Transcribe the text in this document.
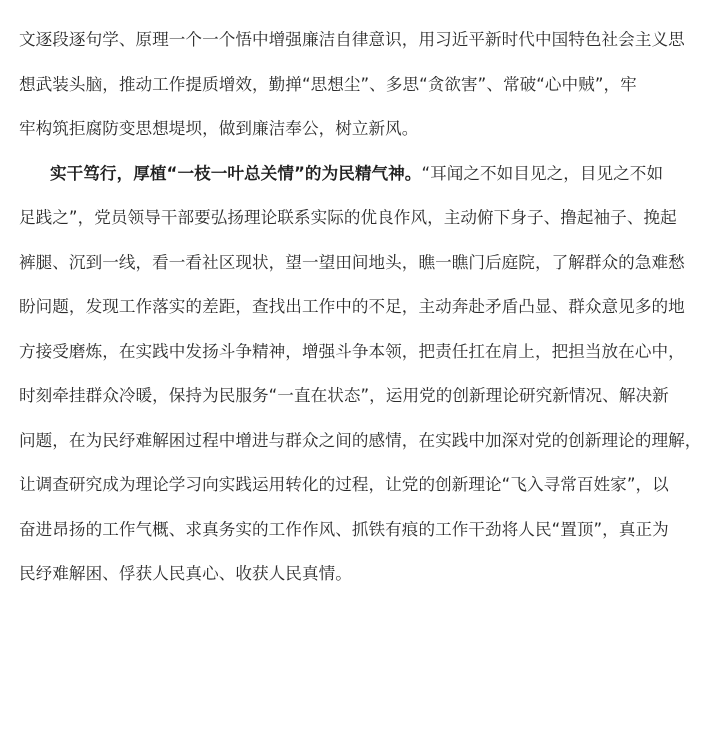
文逐段逐句学、原理一个一个悟中增强廉洁自律意识，用习近平新时代中国特色社会主义思
想武装头脑，推动工作提质增效，勤掸“思想尘”、多思“贪欲害”、常破“心中贼”，牢
牢构筑拒腐防变思想堤坝，做到廉洁奉公，树立新风。
实干笃行，厚植“一枝一叶总关情”的为民精气神。“耳闻之不如目见之，目见之不如
足践之”，党员领导干部要弘扬理论联系实际的优良作风，主动俯下身子、撸起袖子、挽起
裤腿、沉到一线，看一看社区现状，望一望田间地头，瞧一瞧门后庭院，了解群众的急难愁
盼问题，发现工作落实的差距，查找出工作中的不足，主动奔赴矛盾凸显、群众意见多的地
方接受磨炼，在实践中发扬斗争精神，增强斗争本领，把责任扛在肩上，把担当放在心中，
时刻牵挂群众冷暖，保持为民服务“一直在状态”，运用党的创新理论研究新情况、解决新
问题，在为民纾难解困过程中增进与群众之间的感情，在实践中加深对党的创新理论的理解，
让调查研究成为理论学习向实践运用转化的过程，让党的创新理论“飞入寻常百姓家”，以
奋进昂扬的工作气概、求真务实的工作作风、抓铁有痕的工作干劲将人民“置顶”，真正为
民纾难解困、俘获人民真心、收获人民真情。
